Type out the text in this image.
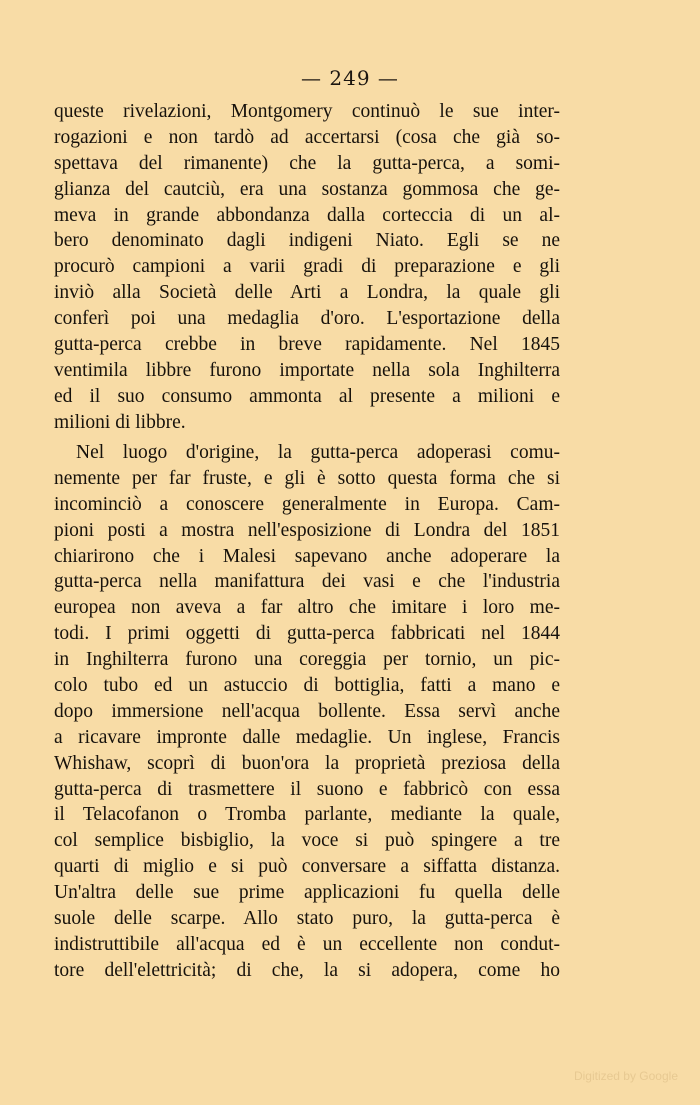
— 249 —
queste rivelazioni, Montgomery continuò le sue inter-
rogazioni e non tardò ad accertarsi (cosa che già so-
spettava del rimanente) che la gutta-perca, a somi-
glianza del cautciù, era una sostanza gommosa che ge-
meva in grande abbondanza dalla corteccia di un al-
bero denominato dagli indigeni Niato. Egli se ne
procurò campioni a varii gradi di preparazione e gli
inviò alla Società delle Arti a Londra, la quale gli
conferì poi una medaglia d'oro. L'esportazione della
gutta-perca crebbe in breve rapidamente. Nel 1845
ventimila libbre furono importate nella sola Inghilterra
ed il suo consumo ammonta al presente a milioni e
milioni di libbre.
Nel luogo d'origine, la gutta-perca adoperasi comu-
nemente per far fruste, e gli è sotto questa forma che si
incominciò a conoscere generalmente in Europa. Cam-
pioni posti a mostra nell'esposizione di Londra del 1851
chiarirono che i Malesi sapevano anche adoperare la
gutta-perca nella manifattura dei vasi e che l'industria
europea non aveva a far altro che imitare i loro me-
todi. I primi oggetti di gutta-perca fabbricati nel 1844
in Inghilterra furono una coreggia per tornio, un pic-
colo tubo ed un astuccio di bottiglia, fatti a mano e
dopo immersione nell'acqua bollente. Essa servì anche
a ricavare impronte dalle medaglie. Un inglese, Francis
Whishaw, scoprì di buon'ora la proprietà preziosa della
gutta-perca di trasmettere il suono e fabbricò con essa
il Telacofanon o Tromba parlante, mediante la quale,
col semplice bisbiglio, la voce si può spingere a tre
quarti di miglio e si può conversare a siffatta distanza.
Un'altra delle sue prime applicazioni fu quella delle
suole delle scarpe. Allo stato puro, la gutta-perca è
indistruttibile all'acqua ed è un eccellente non condut-
tore dell'elettricità; di che, la si adopera, come ho
Digitized by Google
